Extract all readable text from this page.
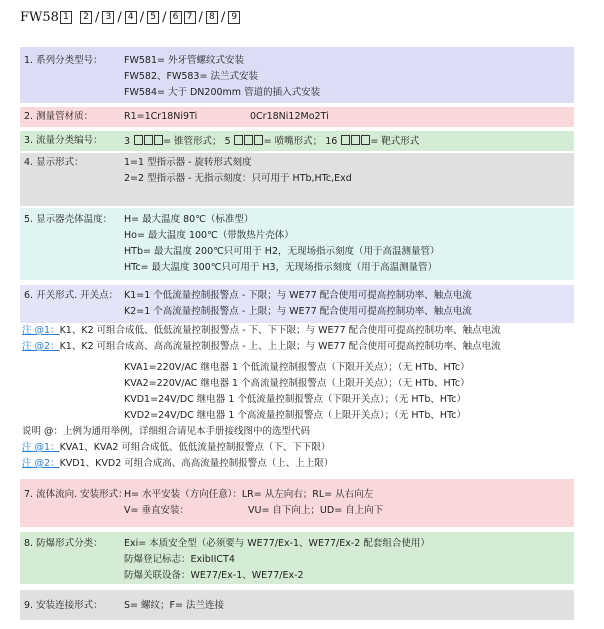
FW58 1	2 / 3 / 4 / 5 / 6 7 / 8 / 9
1. 系列分类型号： FW581= 外牙管螺纹式安装
FW582、FW583= 法兰式安装
FW584= 大于 DN200mm 管道的插入式安装
2. 测量管材质：	R1=1Cr18Ni9Ti	0Cr18Ni12Mo2Ti
3. 流量分类编号： 3	= 锥管形式； 5	= 喷嘴形式； 16	= 靶式形式
4. 显示形式：	1=1 型指示器 - 旋转形式刻度
2=2 型指示器 - 无指示刻度：只可用于 HTb,HTc,Exd
5. 显示器壳体温度： H= 最大温度 80℃（标准型）
Ho= 最大温度 100℃（带散热片壳体）
HTb= 最大温度 200℃只可用于 H2，无现场指示刻度（用于高温测量管）
HTc= 最大温度 300℃只可用于 H3，无现场指示刻度（用于高温测量管）
6. 开关形式. 开关点： K1=1 个低流量控制报警点 - 下限；与 WE77 配合使用可提高控制功率、触点电流
K2=1 个高流量控制报警点 - 上限；与 WE77 配合使用可提高控制功率、触点电流
注 @1：K1、K2 可组合成低、低低流量控制报警点 - 下、下下限；与 WE77 配合使用可提高控制功率、触点电流
注 @2：K1、K2 可组合成高、高高流量控制报警点 - 上、上上限；与 WE77 配合使用可提高控制功率、触点电流
KVA1=220V/AC 继电器 1 个低流量控制报警点（下限开关点）；（无 HTb、HTc）
KVA2=220V/AC 继电器 1 个高流量控制报警点（上限开关点）；（无 HTb、HTc）
KVD1=24V/DC 继电器 1 个低流量控制报警点（下限开关点）；（无 HTb、HTc）
KVD2=24V/DC 继电器 1 个高流量控制报警点（上限开关点）；（无 HTb、HTc）
说明 @：上例为通用举例，详细组合请见本手册接线图中的选型代码
注 @1：KVA1、KVA2 可组合成低、低低流量控制报警点（下、下下限）
注 @2：KVD1、KVD2 可组合成高、高高流量控制报警点（上、上上限）
7. 流体流向. 安装形式：
H= 水平安装（方向任意）：LR= 从左向右；RL= 从右向左
V= 垂直安装：	VU= 自下向上；UD= 自上向下
8. 防爆形式分类： Exi= 本质安全型（必须要与 WE77/Ex-1、WE77/Ex-2 配套组合使用）
防爆登记标志：ExibIICT4
防爆关联设备：WE77/Ex-1、WE77/Ex-2
9. 安装连接形式： S= 螺纹；F= 法兰连接
